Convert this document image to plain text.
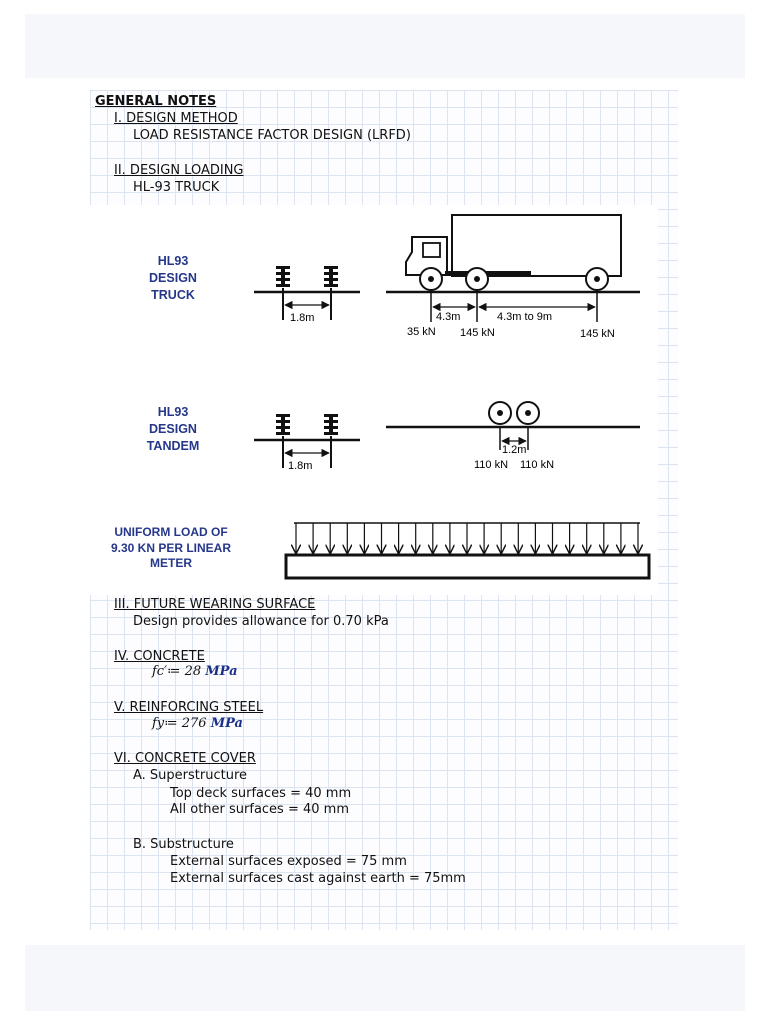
GENERAL NOTES
I. DESIGN METHOD
LOAD RESISTANCE FACTOR DESIGN (LRFD)
II. DESIGN LOADING
HL-93 TRUCK
HL93
DESIGN
TRUCK
HL93
DESIGN
TANDEM
UNIFORM LOAD OF
9.30 KN PER LINEAR
METER
1.8m	4.3m	4.3m to 9m
35 kN 145 kN	145 kN
1.8m
1.2m
110 kN 110 kN
III. FUTURE WEARING SURFACE
Design provides allowance for 0.70 kPa
IV. CONCRETE
fc′≔ 28 MPa
V. REINFORCING STEEL
fy≔ 276 MPa
VI. CONCRETE COVER
A. Superstructure
Top deck surfaces = 40 mm
All other surfaces = 40 mm
B. Substructure
External surfaces exposed = 75 mm
External surfaces cast against earth = 75mm
